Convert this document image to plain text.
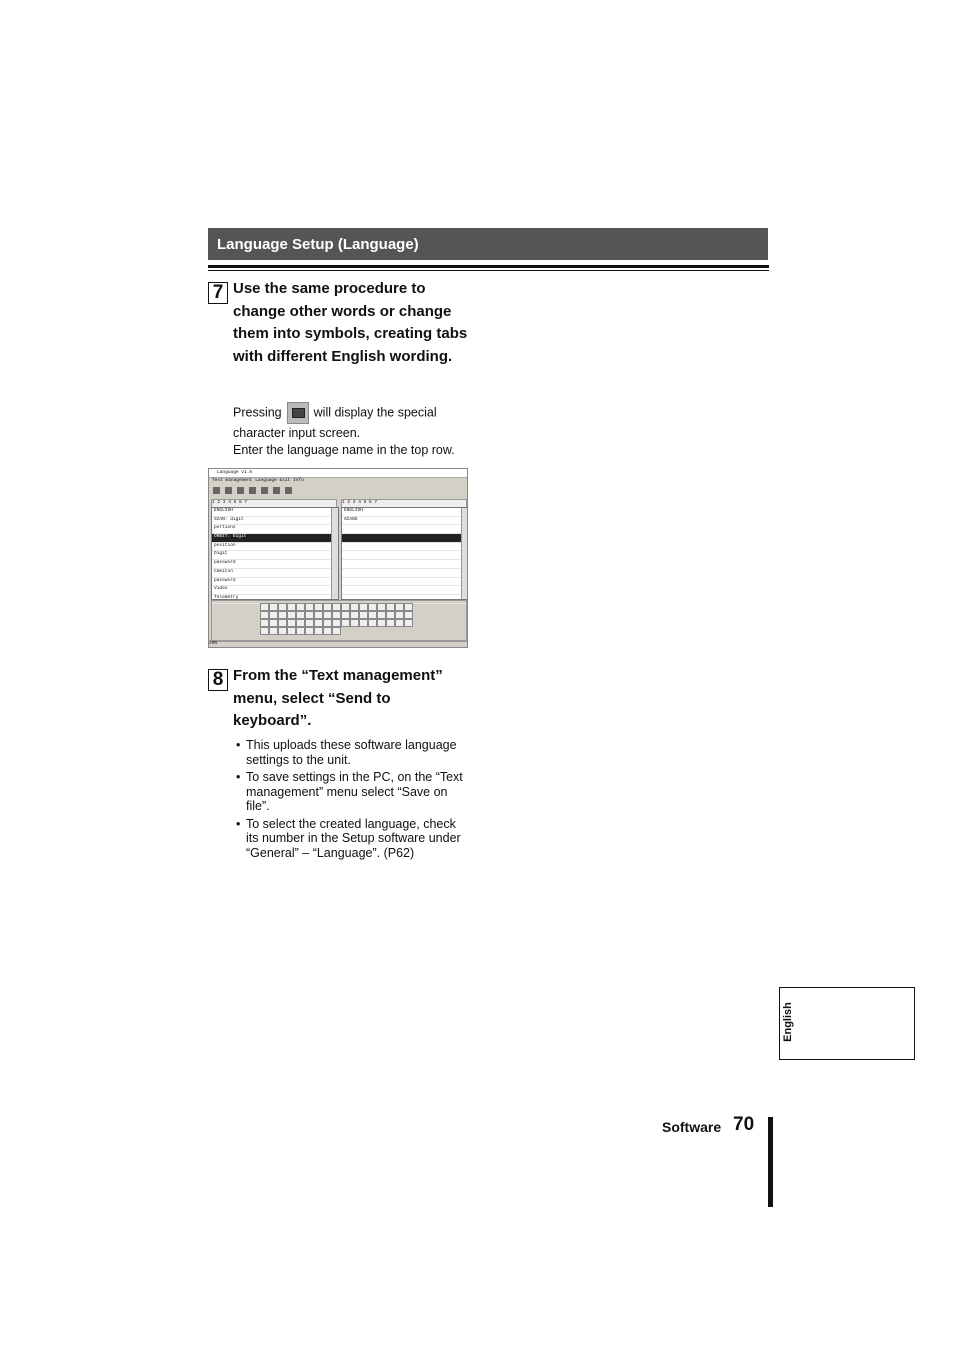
Language Setup (Language)
7 Use the same procedure to change other words or change them into symbols, creating tabs with different English wording.
Pressing	will display the special
character input screen.
Enter the language name in the top row.
Language v1.5
Text management Language Exit Info
1 2 3 4 5 6 7	1 2 3 4 5 6 7
ENGLISH
SCAN: digit
portions
ORBIT: Digit
position
Digit
password
Cmeiton
password
Video
Telemetry
ENGLISH
SCANS
49%
8 From the “Text management” menu, select “Send to keyboard”.
• This uploads these software language settings to the unit.
• To save settings in the PC, on the “Text management” menu select “Save on file”.
• To select the created language, check its number in the Setup software under “General” – “Language”. (P62)
English
Software 70
